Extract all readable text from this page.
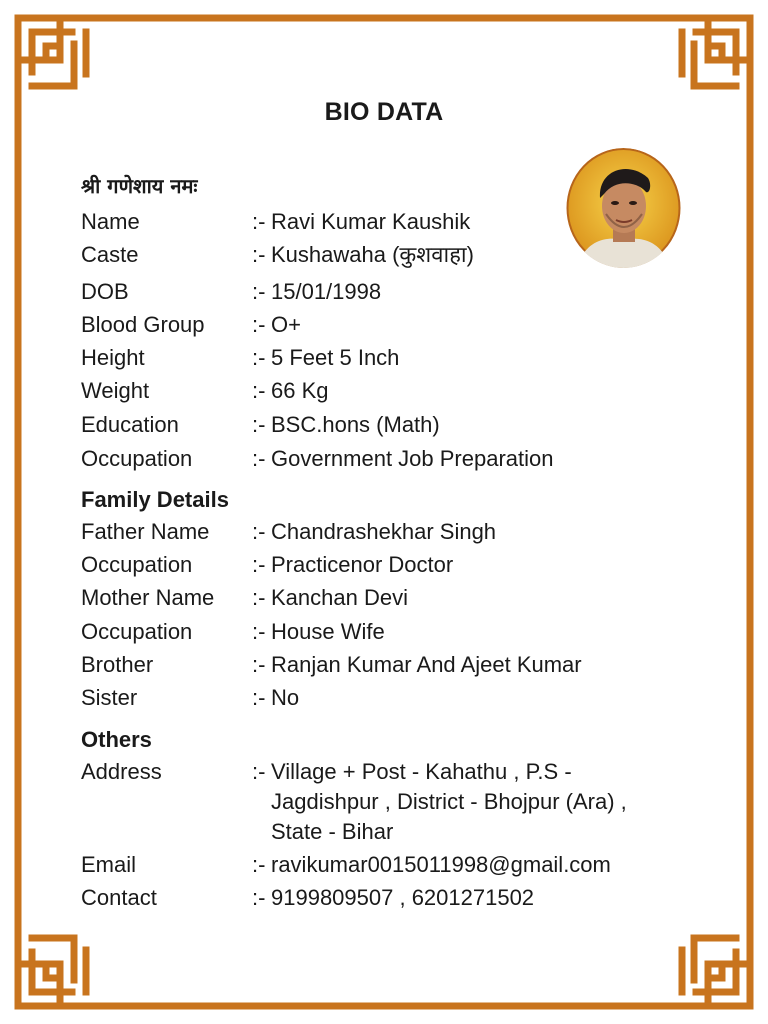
BIO DATA
श्री गणेशाय नमः
Name	:- Ravi Kumar Kaushik
Caste	:- Kushawaha (कुशवाहा)
DOB	:- 15/01/1998
Blood Group :- O+
Height	:- 5 Feet 5 Inch
Weight	:- 66 Kg
Education	:- BSC.hons (Math)
Occupation	:- Government Job Preparation
Family Details
Father Name :- Chandrashekhar Singh
Occupation	:- Practicenor Doctor
Mother Name :- Kanchan Devi
Occupation	:- House Wife
Brother	:- Ranjan Kumar And Ajeet Kumar
Sister	:- No
Others
Address	:- Village + Post - Kahathu , P.S -
Jagdishpur , District - Bhojpur (Ara) ,
State - Bihar
Email	:- ravikumar0015011998@gmail.com
Contact	:- 9199809507 , 6201271502
